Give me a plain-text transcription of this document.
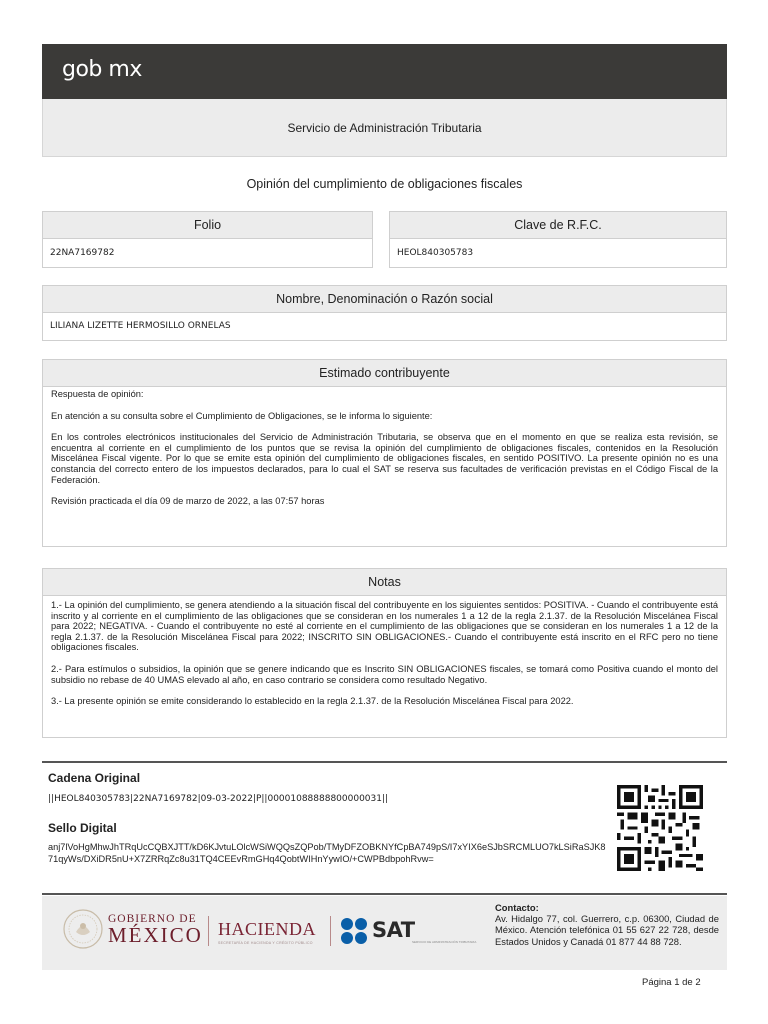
gob mx
Servicio de Administración Tributaria
Opinión del cumplimiento de obligaciones fiscales
Folio
22NA7169782
Clave de R.F.C.
HEOL840305783
Nombre, Denominación o Razón social
LILIANA LIZETTE HERMOSILLO ORNELAS
Estimado contribuyente

Respuesta de opinión:

En atención a su consulta sobre el Cumplimiento de Obligaciones, se le informa lo siguiente:

En los controles electrónicos institucionales del Servicio de Administración Tributaria, se observa que en el momento en que se realiza esta revisión, se encuentra al corriente en el cumplimiento de los puntos que se revisa la opinión del cumplimiento de obligaciones fiscales, contenidos en la Resolución Miscelánea Fiscal vigente. Por lo que se emite esta opinión del cumplimiento de obligaciones fiscales, en sentido POSITIVO. La presente opinión no es una constancia del correcto entero de los impuestos declarados, para lo cual el SAT se reserva sus facultades de verificación previstas en el Código Fiscal de la Federación.

Revisión practicada el día 09 de marzo de 2022, a las 07:57 horas

Notas

1.- La opinión del cumplimiento, se genera atendiendo a la situación fiscal del contribuyente en los siguientes sentidos: POSITIVA. - Cuando el contribuyente está inscrito y al corriente en el cumplimiento de las obligaciones que se consideran en los numerales 1 a 12 de la regla 2.1.37. de la Resolución Miscelánea Fiscal para 2022; NEGATIVA. - Cuando el contribuyente no esté al corriente en el cumplimiento de las obligaciones que se consideran en los numerales 1 a 12 de la regla 2.1.37. de la Resolución Miscelánea Fiscal para 2022; INSCRITO SIN OBLIGACIONES.- Cuando el contribuyente está inscrito en el RFC pero no tiene obligaciones fiscales.

2.- Para estímulos o subsidios, la opinión que se genere indicando que es Inscrito SIN OBLIGACIONES fiscales, se tomará como Positiva cuando el monto del subsidio no rebase de 40 UMAS elevado al año, en caso contrario se considera como resultado Negativo.

3.- La presente opinión se emite considerando lo establecido en la regla 2.1.37. de la Resolución Miscelánea Fiscal para 2022.

Cadena Original
||HEOL840305783|22NA7169782|09-03-2022|P||00001088888800000031||
Sello Digital
anj7lVoHgMhwJhTRqUcCQBXJTT/kD6KJvtuLOlcWSiWQQsZQPob/TMyDFZOBKNYfCpBA749pS/I7xYIX6eSJbSRCMLUO7kLSiRaSJK871qyWs/DXiDR5nU+X7ZRRqZc8u31TQ4CEEvRmGHq4QobtWIHnYywIO/+CWPBdbpohRvw=
GOBIERNO DE
MÉXICO HACIENDA
SECRETARÍA DE HACIENDA Y CRÉDITO PÚBLICO
SAT
SERVICIO DE ADMINISTRACIÓN TRIBUTARIA
Contacto:
Av. Hidalgo 77, col. Guerrero, c.p. 06300, Ciudad de México. Atención telefónica 01 55 627 22 728, desde Estados Unidos y Canadá 01 877 44 88 728.
Página 1 de 2
